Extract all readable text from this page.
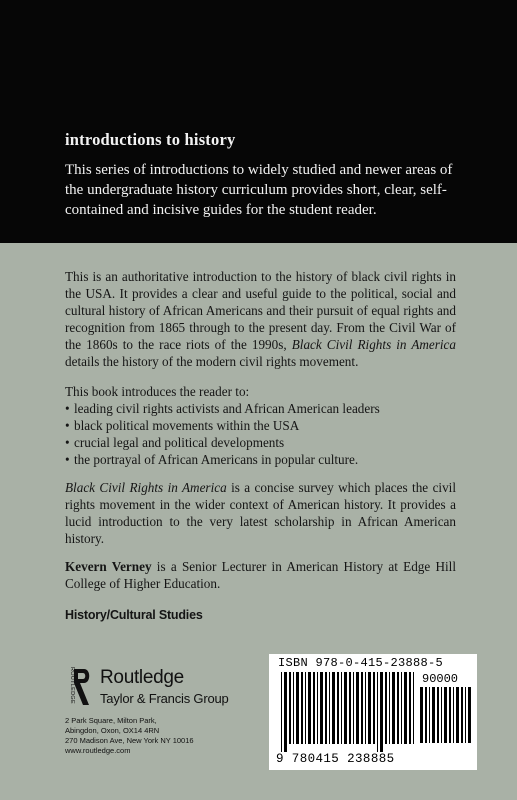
introductions to history
This series of introductions to widely studied and newer areas of the undergraduate history curriculum provides short, clear, self-contained and incisive guides for the student reader.
This is an authoritative introduction to the history of black civil rights in the USA. It provides a clear and useful guide to the political, social and cultural history of African Americans and their pursuit of equal rights and recognition from 1865 through to the present day. From the Civil War of the 1860s to the race riots of the 1990s, Black Civil Rights in America details the history of the modern civil rights movement.
This book introduces the reader to:
• leading civil rights activists and African American leaders
• black political movements within the USA
• crucial legal and political developments
• the portrayal of African Americans in popular culture.
Black Civil Rights in America is a concise survey which places the civil rights movement in the wider context of American history. It provides a lucid introduction to the very latest scholarship in African American history.
Kevern Verney is a Senior Lecturer in American History at Edge Hill College of Higher Education.
History/Cultural Studies
ROUTLEDGE Routledge
Taylor & Francis Group
2 Park Square, Milton Park,
Abingdon, Oxon, OX14 4RN
270 Madison Ave, New York NY 10016
www.routledge.com
ISBN 978-0-415-23888-5
90000
9 780415 238885
